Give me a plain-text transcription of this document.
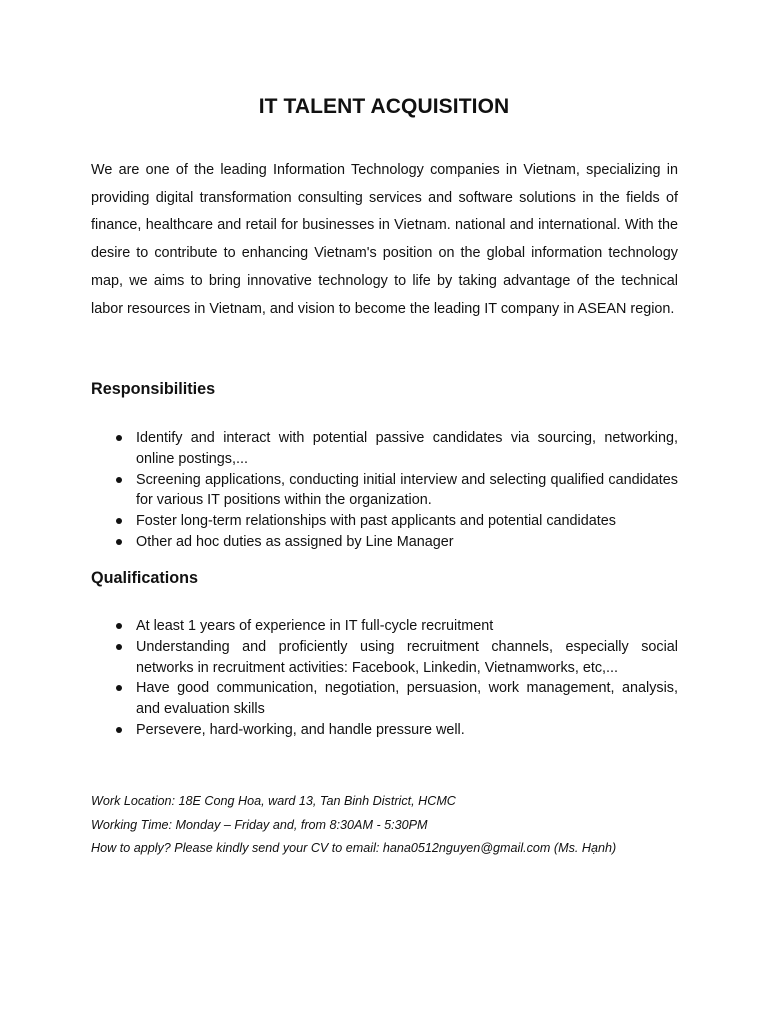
IT TALENT ACQUISITION

We are one of the leading Information Technology companies in Vietnam, specializing in providing digital transformation consulting services and software solutions in the fields of finance, healthcare and retail for businesses in Vietnam. national and international. With the desire to contribute to enhancing Vietnam's position on the global information technology map, we aims to bring innovative technology to life by taking advantage of the technical labor resources in Vietnam, and vision to become the leading IT company in ASEAN region.

Responsibilities
Identify and interact with potential passive candidates via sourcing, networking, online postings,...
Screening applications, conducting initial interview and selecting qualified candidates for various IT positions within the organization.
Foster long-term relationships with past applicants and potential candidates
Other ad hoc duties as assigned by Line Manager
Qualifications
At least 1 years of experience in IT full-cycle recruitment
Understanding and proficiently using recruitment channels, especially social networks in recruitment activities: Facebook, Linkedin, Vietnamworks, etc,...
Have good communication, negotiation, persuasion, work management, analysis, and evaluation skills
Persevere, hard-working, and handle pressure well.
Work Location: 18E Cong Hoa, ward 13, Tan Binh District, HCMC
Working Time: Monday – Friday and, from 8:30AM - 5:30PM
How to apply? Please kindly send your CV to email: hana0512nguyen@gmail.com (Ms. Hạnh)
